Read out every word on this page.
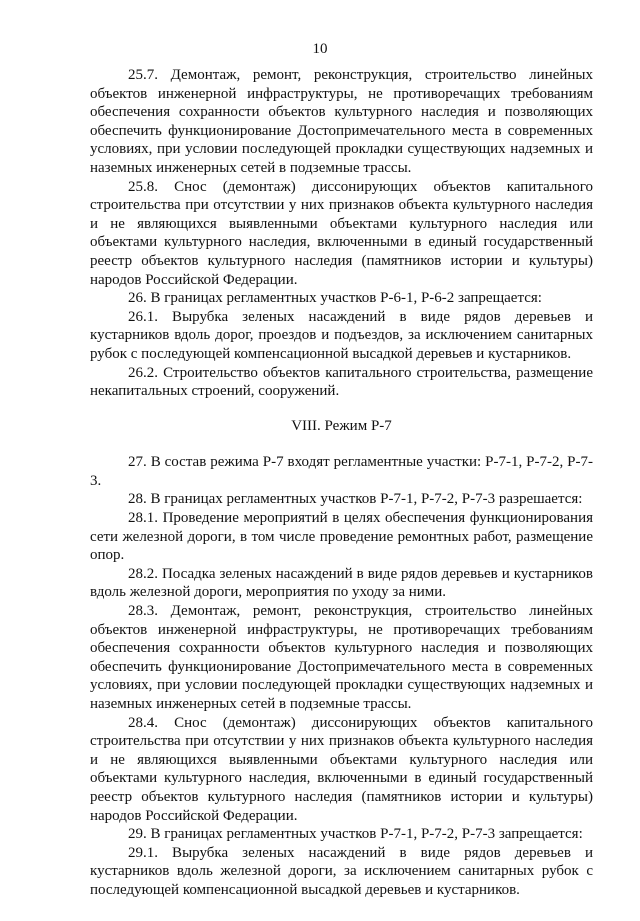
10

25.7. Демонтаж, ремонт, реконструкция, строительство линейных объектов инженерной инфраструктуры, не противоречащих требованиям обеспечения сохранности объектов культурного наследия и позволяющих обеспечить функционирование Достопримечательного места в современных условиях, при условии последующей прокладки существующих надземных и наземных инженерных сетей в подземные трассы.

25.8. Снос (демонтаж) диссонирующих объектов капитального строительства при отсутствии у них признаков объекта культурного наследия и не являющихся выявленными объектами культурного наследия или объектами культурного наследия, включенными в единый государственный реестр объектов культурного наследия (памятников истории и культуры) народов Российской Федерации.

26. В границах регламентных участков Р-6-1, Р-6-2 запрещается:

26.1. Вырубка зеленых насаждений в виде рядов деревьев и кустарников вдоль дорог, проездов и подъездов, за исключением санитарных рубок с последующей компенсационной высадкой деревьев и кустарников.

26.2. Строительство объектов капитального строительства, размещение некапитальных строений, сооружений.

VIII. Режим Р-7

27. В состав режима Р-7 входят регламентные участки: Р-7-1, Р-7-2, Р-7-3.

28. В границах регламентных участков Р-7-1, Р-7-2, Р-7-3 разрешается:

28.1. Проведение мероприятий в целях обеспечения функционирования сети железной дороги, в том числе проведение ремонтных работ, размещение опор.

28.2. Посадка зеленых насаждений в виде рядов деревьев и кустарников вдоль железной дороги, мероприятия по уходу за ними.

28.3. Демонтаж, ремонт, реконструкция, строительство линейных объектов инженерной инфраструктуры, не противоречащих требованиям обеспечения сохранности объектов культурного наследия и позволяющих обеспечить функционирование Достопримечательного места в современных условиях, при условии последующей прокладки существующих надземных и наземных инженерных сетей в подземные трассы.

28.4. Снос (демонтаж) диссонирующих объектов капитального строительства при отсутствии у них признаков объекта культурного наследия и не являющихся выявленными объектами культурного наследия или объектами культурного наследия, включенными в единый государственный реестр объектов культурного наследия (памятников истории и культуры) народов Российской Федерации.

29. В границах регламентных участков Р-7-1, Р-7-2, Р-7-3 запрещается:

29.1. Вырубка зеленых насаждений в виде рядов деревьев и кустарников вдоль железной дороги, за исключением санитарных рубок с последующей компенсационной высадкой деревьев и кустарников.
